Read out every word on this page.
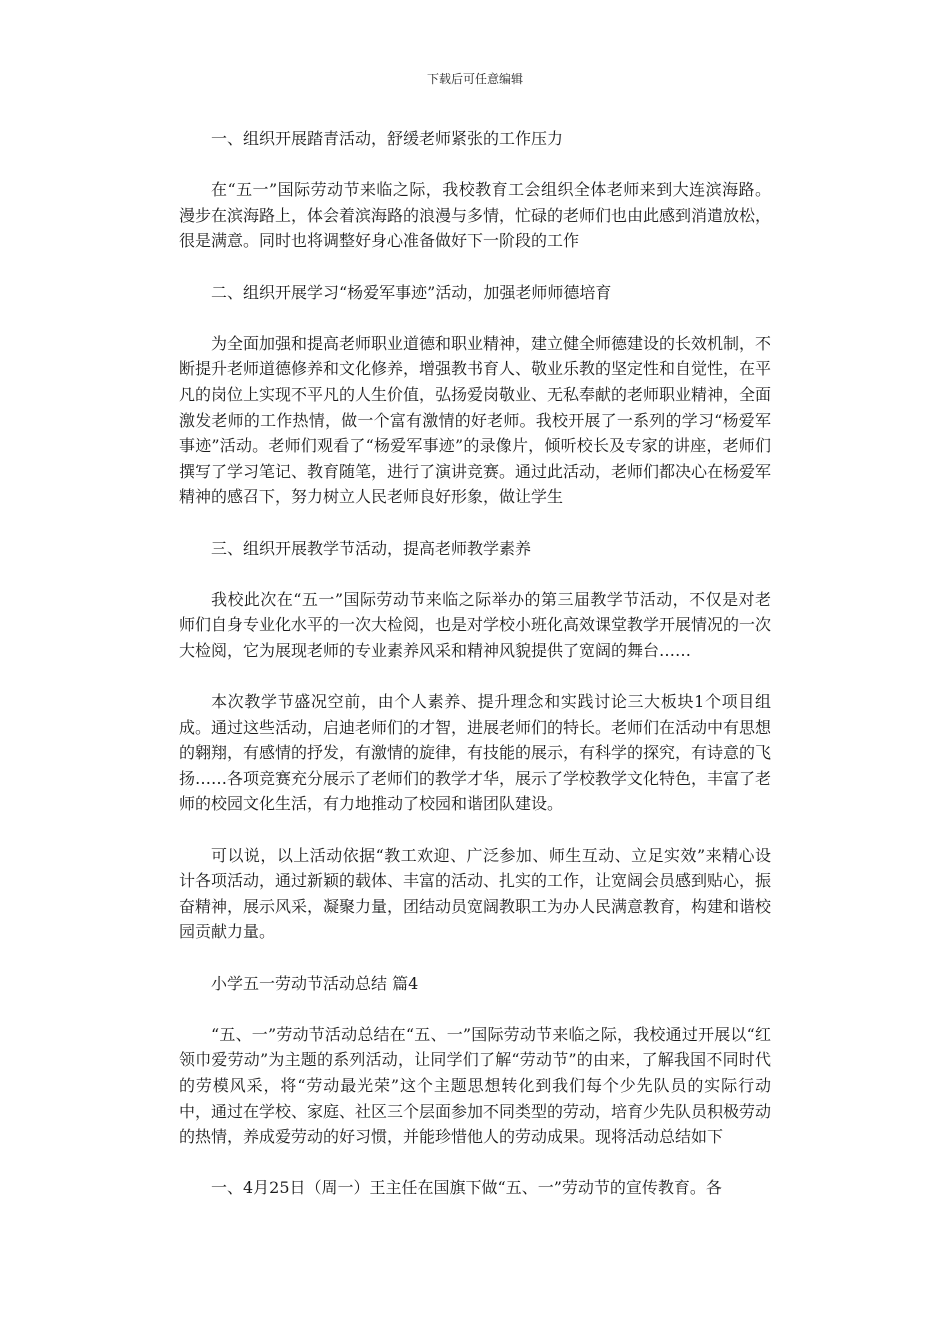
下载后可任意编辑

一、组织开展踏青活动，舒缓老师紧张的工作压力

在“五一”国际劳动节来临之际，我校教育工会组织全体老师来到大连滨海路。漫步在滨海路上，体会着滨海路的浪漫与多情，忙碌的老师们也由此感到消遣放松，很是满意。同时也将调整好身心准备做好下一阶段的工作

二、组织开展学习“杨爱军事迹”活动，加强老师师德培育

为全面加强和提高老师职业道德和职业精神，建立健全师德建设的长效机制，不断提升老师道德修养和文化修养，增强教书育人、敬业乐教的坚定性和自觉性，在平凡的岗位上实现不平凡的人生价值，弘扬爱岗敬业、无私奉献的老师职业精神，全面激发老师的工作热情，做一个富有激情的好老师。我校开展了一系列的学习“杨爱军事迹”活动。老师们观看了“杨爱军事迹”的录像片，倾听校长及专家的讲座，老师们撰写了学习笔记、教育随笔，进行了演讲竞赛。通过此活动，老师们都决心在杨爱军精神的感召下，努力树立人民老师良好形象，做让学生

三、组织开展教学节活动，提高老师教学素养

我校此次在“五一”国际劳动节来临之际举办的第三届教学节活动，不仅是对老师们自身专业化水平的一次大检阅，也是对学校小班化高效课堂教学开展情况的一次大检阅，它为展现老师的专业素养风采和精神风貌提供了宽阔的舞台……

本次教学节盛况空前，由个人素养、提升理念和实践讨论三大板块1个项目组成。通过这些活动，启迪老师们的才智，进展老师们的特长。老师们在活动中有思想的翱翔，有感情的抒发，有激情的旋律，有技能的展示，有科学的探究，有诗意的飞扬……各项竞赛充分展示了老师们的教学才华，展示了学校教学文化特色，丰富了老师的校园文化生活，有力地推动了校园和谐团队建设。

可以说，以上活动依据“教工欢迎、广泛参加、师生互动、立足实效”来精心设计各项活动，通过新颖的载体、丰富的活动、扎实的工作，让宽阔会员感到贴心，振奋精神，展示风采，凝聚力量，团结动员宽阔教职工为办人民满意教育，构建和谐校园贡献力量。

小学五一劳动节活动总结 篇4

“五、一”劳动节活动总结在“五、一”国际劳动节来临之际，我校通过开展以“红领巾爱劳动”为主题的系列活动，让同学们了解“劳动节”的由来，了解我国不同时代的劳模风采，将“劳动最光荣”这个主题思想转化到我们每个少先队员的实际行动中，通过在学校、家庭、社区三个层面参加不同类型的劳动，培育少先队员积极劳动的热情，养成爱劳动的好习惯，并能珍惜他人的劳动成果。现将活动总结如下

一、4月25日（周一）王主任在国旗下做“五、一”劳动节的宣传教育。各
